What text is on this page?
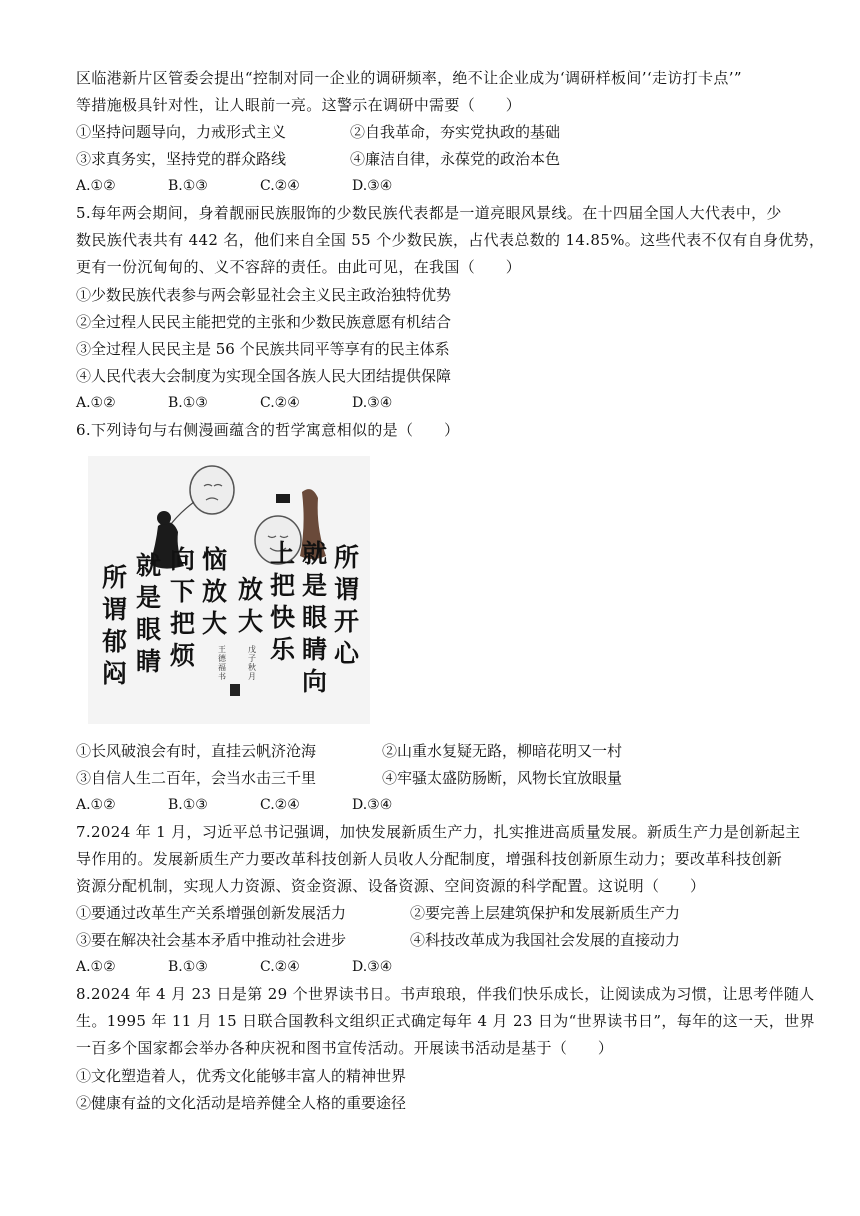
区临港新片区管委会提出“控制对同一企业的调研频率，绝不让企业成为‘调研样板间’‘走访打卡点’”
等措施极具针对性，让人眼前一亮。这警示在调研中需要（　　）
①坚持问题导向，力戒形式主义	②自我革命，夯实党执政的基础
③求真务实，坚持党的群众路线	④廉洁自律，永葆党的政治本色
A.①②	B.①③	C.②④	D.③④
5.每年两会期间，身着靓丽民族服饰的少数民族代表都是一道亮眼风景线。在十四届全国人大代表中，少
数民族代表共有 442 名，他们来自全国 55 个少数民族，占代表总数的 14.85%。这些代表不仅有自身优势，
更有一份沉甸甸的、义不容辞的责任。由此可见，在我国（　　）
①少数民族代表参与两会彰显社会主义民主政治独特优势
②全过程人民民主能把党的主张和少数民族意愿有机结合
③全过程人民民主是 56 个民族共同平等享有的民主体系
④人民代表大会制度为实现全国各族人民大团结提供保障
A.①②	B.①③	C.②④	D.③④
6.下列诗句与右侧漫画蕴含的哲学寓意相似的是（　　）
所谓郁闷
就是眼睛
向下把烦
恼放大
放大
上把快乐
就是眼睛向
所谓开心
王德福书
戊子秋月
①长风破浪会有时，直挂云帆济沧海	②山重水复疑无路，柳暗花明又一村
③自信人生二百年，会当水击三千里	④牢骚太盛防肠断，风物长宜放眼量
A.①②	B.①③	C.②④	D.③④
7.2024 年 1 月，习近平总书记强调，加快发展新质生产力，扎实推进高质量发展。新质生产力是创新起主
导作用的。发展新质生产力要改革科技创新人员收人分配制度，增强科技创新原生动力；要改革科技创新
资源分配机制，实现人力资源、资金资源、设备资源、空间资源的科学配置。这说明（　　）
①要通过改革生产关系增强创新发展活力	②要完善上层建筑保护和发展新质生产力
③要在解决社会基本矛盾中推动社会进步	④科技改革成为我国社会发展的直接动力
A.①②	B.①③	C.②④	D.③④
8.2024 年 4 月 23 日是第 29 个世界读书日。书声琅琅，伴我们快乐成长，让阅读成为习惯，让思考伴随人
生。1995 年 11 月 15 日联合国教科文组织正式确定每年 4 月 23 日为“世界读书日”，每年的这一天，世界
一百多个国家都会举办各种庆祝和图书宣传活动。开展读书活动是基于（　　）
①文化塑造着人，优秀文化能够丰富人的精神世界
②健康有益的文化活动是培养健全人格的重要途径
